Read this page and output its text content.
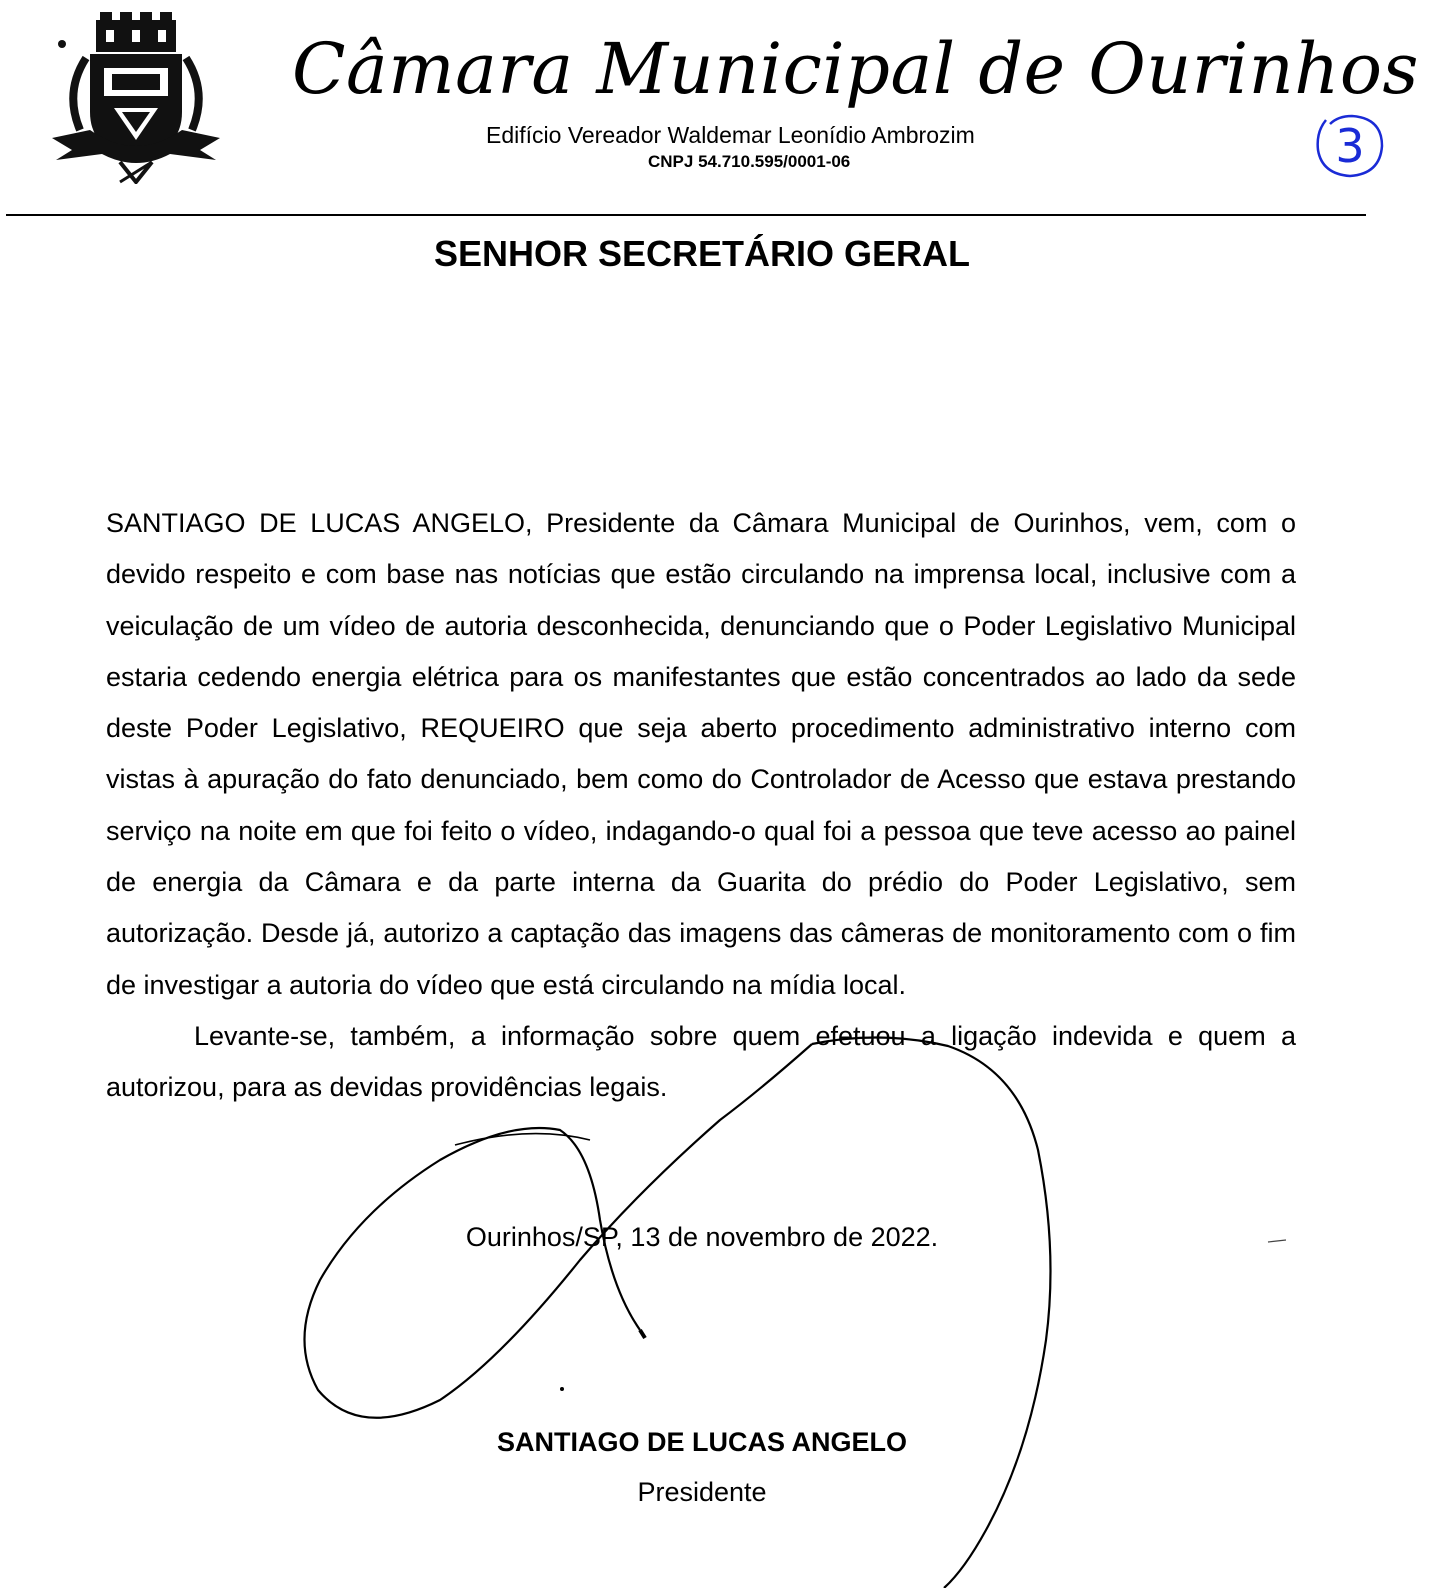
Câmara Municipal de Ourinhos
Edifício Vereador Waldemar Leonídio Ambrozim
CNPJ 54.710.595/0001-06	3
SENHOR SECRETÁRIO GERAL

SANTIAGO DE LUCAS ANGELO, Presidente da Câmara Municipal de Ourinhos, vem, com o devido respeito e com base nas notícias que estão circulando na imprensa local, inclusive com a veiculação de um vídeo de autoria desconhecida, denunciando que o Poder Legislativo Municipal estaria cedendo energia elétrica para os manifestantes que estão concentrados ao lado da sede deste Poder Legislativo, REQUEIRO que seja aberto procedimento administrativo interno com vistas à apuração do fato denunciado, bem como do Controlador de Acesso que estava prestando serviço na noite em que foi feito o vídeo, indagando-o qual foi a pessoa que teve acesso ao painel de energia da Câmara e da parte interna da Guarita do prédio do Poder Legislativo, sem autorização. Desde já, autorizo a captação das imagens das câmeras de monitoramento com o fim de investigar a autoria do vídeo que está circulando na mídia local.

Levante-se, também, a informação sobre quem efetuou a ligação indevida e quem a autorizou, para as devidas providências legais.

Ourinhos/SP, 13 de novembro de 2022.
SANTIAGO DE LUCAS ANGELO
Presidente
